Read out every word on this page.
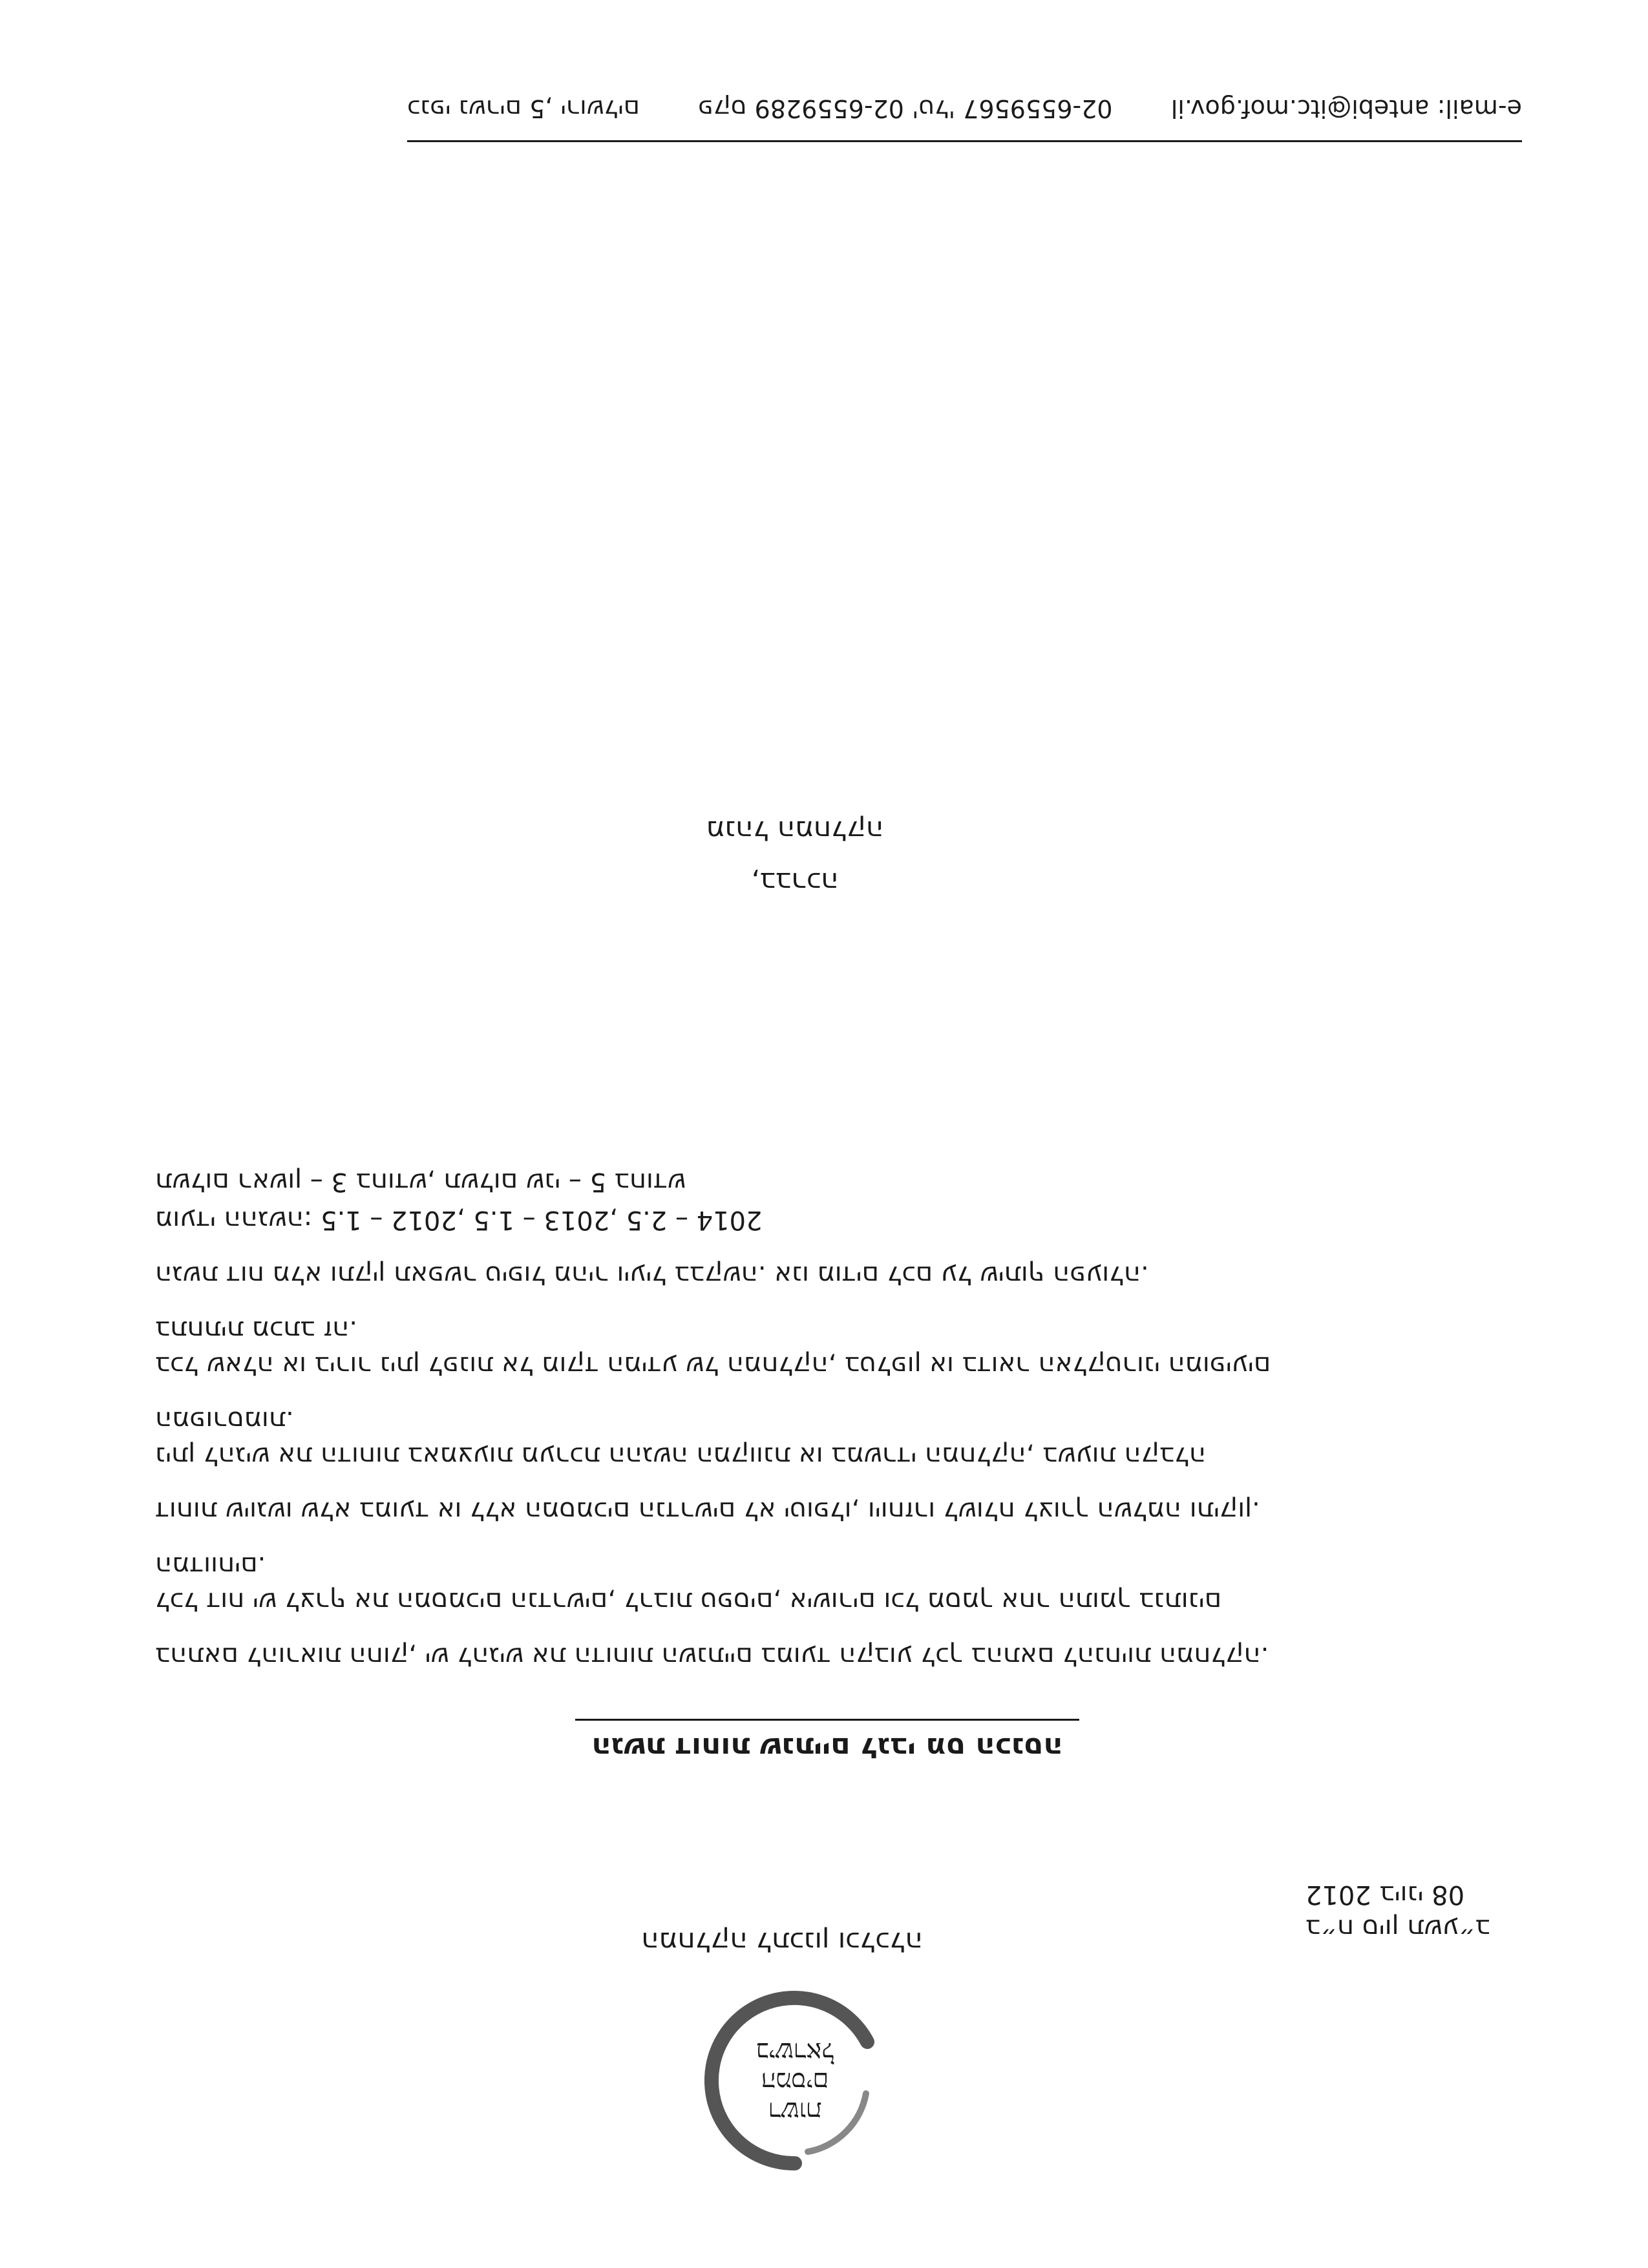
רשות
המסים
בישראל
המחלקה לתכנון וכלכלה	ב״ח סיון תשע״ב
2012 ביוני 08
הגשת דוחות שנתיים לגבי מס הכנסה

בהתאם להוראות החוק, יש להגיש את הדוחות השנתיים במועד הקבוע לכך בהתאם להנחיות המחלקה.

לכל דוח יש לצרף את המסמכים הנדרשים, לרבות טפסים, אישורים וכל מסמך אחר התומך בנתונים המדווחים.

דוחות שיוגשו שלא במועד או ללא המסמכים הנדרשים לא יטופלו, ויוחזרו לשולח לצורך השלמה ותיקון.

ניתן להגיש את הדוחות באמצעות מערכת ההגשה המקוונת או במשרדי המחלקה, בשעות הקבלה המפורסמות.

בכל שאלה או בירור ניתן לפנות אל מוקד המידע של המחלקה, בטלפון או בדואר האלקטרוני המופיעים בתחתית מכתב זה.

הגשת דוח מלא ותקין תאפשר טיפול מהיר ויעיל בבקשה. אנו מודים לכם על שיתוף הפעולה.

מועדי ההגשה: 1.5 – 2012, 1.5 – 2013, 2.5 – 2014

תשלום ראשון – 3 בחודש, תשלום שני – 5 בחודש

בברכה,
מנהל המחלקה
e-mail: antebi@itc.mof.gov.il
02-6559567 'פקס 02-6559289 'טל
כנפי נשרים 5, ירושלים
